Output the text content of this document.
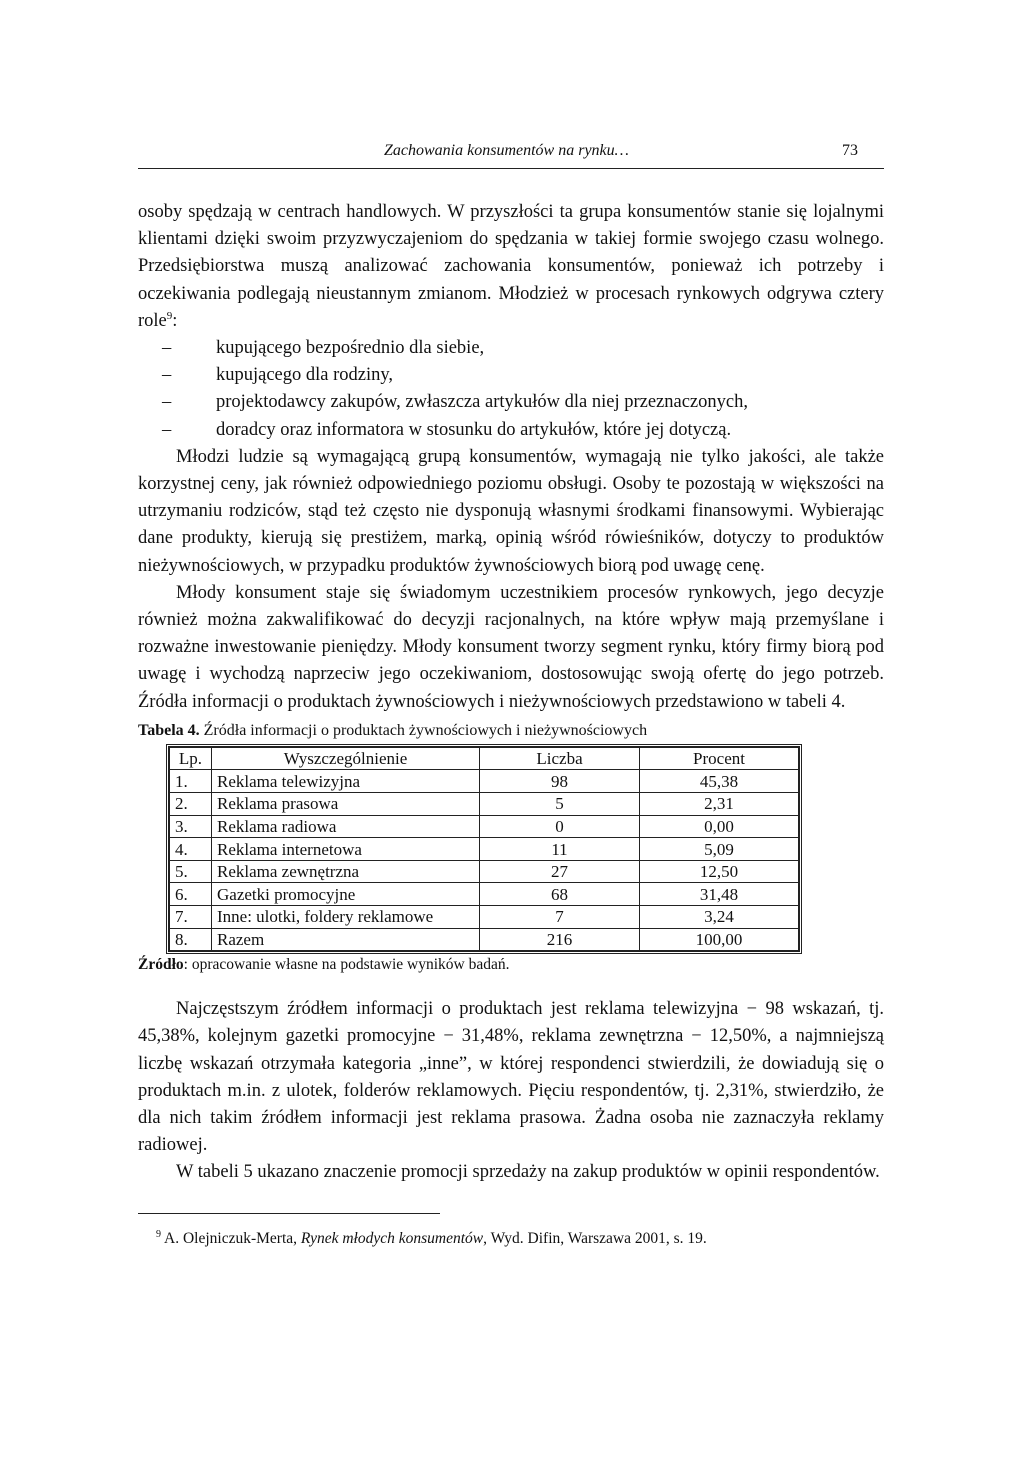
Zachowania konsumentów na rynku…	73

osoby spędzają w centrach handlowych. W przyszłości ta grupa konsumentów stanie się lojalnymi klientami dzięki swoim przyzwyczajeniom do spędzania w takiej formie swojego czasu wolnego. Przedsiębiorstwa muszą analizować zachowania konsumentów, ponieważ ich potrzeby i oczekiwania podlegają nieustannym zmianom. Młodzież w procesach rynkowych odgrywa cztery role$^9$:

– kupującego bezpośrednio dla siebie,
– kupującego dla rodziny,
– projektodawcy zakupów, zwłaszcza artykułów dla niej przeznaczonych,
– doradcy oraz informatora w stosunku do artykułów, które jej dotyczą.

Młodzi ludzie są wymagającą grupą konsumentów, wymagają nie tylko jakości, ale także korzystnej ceny, jak również odpowiedniego poziomu obsługi. Osoby te pozostają w większości na utrzymaniu rodziców, stąd też często nie dysponują własnymi środkami finansowymi. Wybierając dane produkty, kierują się prestiżem, marką, opinią wśród rówieśników, dotyczy to produktów nieżywnościowych, w przypadku produktów żywnościowych biorą pod uwagę cenę.

Młody konsument staje się świadomym uczestnikiem procesów rynkowych, jego decyzje również można zakwalifikować do decyzji racjonalnych, na które wpływ mają przemyślane i rozważne inwestowanie pieniędzy. Młody konsument tworzy segment rynku, który firmy biorą pod uwagę i wychodzą naprzeciw jego oczekiwaniom, dostosowując swoją ofertę do jego potrzeb. Źródła informacji o produktach żywnościowych i nieżywnościowych przedstawiono w tabeli 4.

Tabela 4. Źródła informacji o produktach żywnościowych i nieżywnościowych
Lp.	Wyszczególnienie	Liczba	Procent
1.	Reklama telewizyjna	98	45,38
2.	Reklama prasowa	5	2,31
3.	Reklama radiowa	0	0,00
4.	Reklama internetowa	11	5,09
5.	Reklama zewnętrzna	27	12,50
6.	Gazetki promocyjne	68	31,48
7.	Inne: ulotki, foldery reklamowe	7	3,24
8.	Razem	216	100,00
Źródło: opracowanie własne na podstawie wyników badań.

Najczęstszym źródłem informacji o produktach jest reklama telewizyjna − 98 wskazań, tj. 45,38%, kolejnym gazetki promocyjne − 31,48%, reklama zewnętrzna − 12,50%, a najmniejszą liczbę wskazań otrzymała kategoria „inne”, w której respondenci stwierdzili, że dowiadują się o produktach m.in. z ulotek, folderów reklamowych. Pięciu respondentów, tj. 2,31%, stwierdziło, że dla nich takim źródłem informacji jest reklama prasowa. Żadna osoba nie zaznaczyła reklamy radiowej.

W tabeli 5 ukazano znaczenie promocji sprzedaży na zakup produktów w opinii respondentów.

$^9$ A. Olejniczuk-Merta, Rynek młodych konsumentów, Wyd. Difin, Warszawa 2001, s. 19.
